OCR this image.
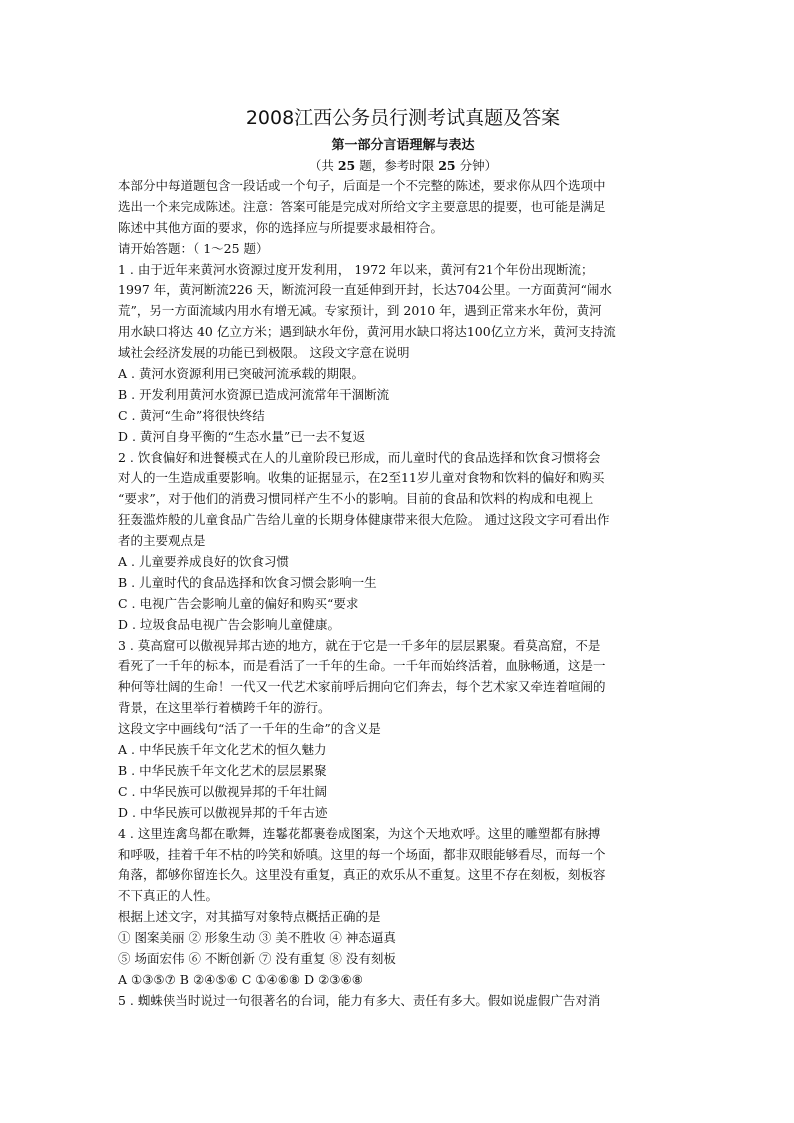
2008江西公务员行测考试真题及答案
第一部分言语理解与表达
（共 25 题，参考时限 25 分钟）
本部分中每道题包含一段话或一个句子，后面是一个不完整的陈述，要求你从四个选项中
选出一个来完成陈述。注意：答案可能是完成对所给文字主要意思的提要，也可能是满足
陈述中其他方面的要求，你的选择应与所提要求最相符合。
请开始答题：（ 1～25 题）
1 . 由于近年来黄河水资源过度开发利用， 1972 年以来，黄河有21个年份出现断流；
1997 年，黄河断流226 天，断流河段一直延伸到开封，长达704公里。一方面黄河“闹水
荒”，另一方面流域内用水有增无减。专家预计，到 2010 年，遇到正常来水年份，黄河
用水缺口将达 40 亿立方米；遇到缺水年份，黄河用水缺口将达100亿立方米，黄河支持流
域社会经济发展的功能已到极限。 这段文字意在说明
A . 黄河水资源利用已突破河流承载的期限。
B . 开发利用黄河水资源已造成河流常年干涸断流
C . 黄河“生命”将很快终结
D . 黄河自身平衡的“生态水量”已一去不复返
2 . 饮食偏好和进餐模式在人的儿童阶段已形成，而儿童时代的食品选择和饮食习惯将会
对人的一生造成重要影响。收集的证据显示，在2至11岁儿童对食物和饮料的偏好和购买
“要求”，对于他们的消费习惯同样产生不小的影响。目前的食品和饮料的构成和电视上
狂轰滥炸般的儿童食品广告给儿童的长期身体健康带来很大危险。 通过这段文字可看出作
者的主要观点是
A . 儿童要养成良好的饮食习惯
B . 儿童时代的食品选择和饮食习惯会影响一生
C . 电视广告会影响儿童的偏好和购买“要求
D . 垃圾食品电视广告会影响儿童健康。
3 . 莫高窟可以傲视异邦古迹的地方，就在于它是一千多年的层层累聚。看莫高窟，不是
看死了一千年的标本，而是看活了一千年的生命。一千年而始终活着，血脉畅通，这是一
种何等壮阔的生命！一代又一代艺术家前呼后拥向它们奔去，每个艺术家又牵连着喧闹的
背景，在这里举行着横跨千年的游行。
这段文字中画线句“活了一千年的生命”的含义是
A . 中华民族千年文化艺术的恒久魅力
B . 中华民族千年文化艺术的层层累聚
C . 中华民族可以傲视异邦的千年壮阔
D . 中华民族可以傲视异邦的千年古迹
4 . 这里连禽鸟都在歌舞，连鬈花都裹卷成图案，为这个天地欢呼。这里的雕塑都有脉搏
和呼吸，挂着千年不枯的吟笑和娇嗔。这里的每一个场面，都非双眼能够看尽，而每一个
角落，都够你留连长久。这里没有重复，真正的欢乐从不重复。这里不存在刻板，刻板容
不下真正的人性。
根据上述文字，对其描写对象特点概括正确的是
① 图案美丽 ② 形象生动 ③ 美不胜收 ④ 神态逼真
⑤ 场面宏伟 ⑥ 不断创新 ⑦ 没有重复 ⑧ 没有刻板
A ①③⑤⑦ B ②④⑤⑥ C ①④⑥⑧ D ②③⑥⑧
5 . 蜘蛛侠当时说过一句很著名的台词，能力有多大、责任有多大。假如说虚假广告对消
